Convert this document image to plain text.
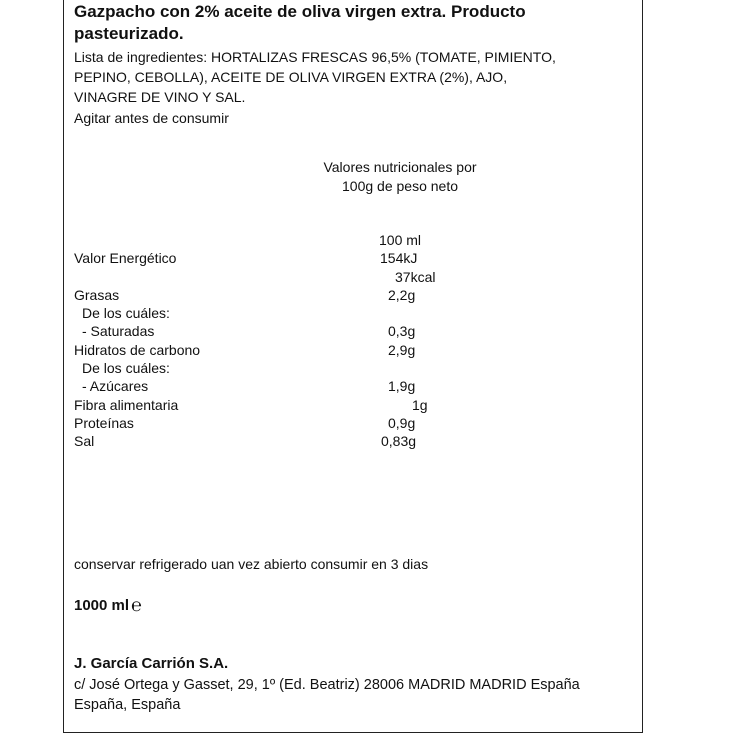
Gazpacho con 2% aceite de oliva virgen extra. Producto
pasteurizado.
Lista de ingredientes: HORTALIZAS FRESCAS 96,5% (TOMATE, PIMIENTO,
PEPINO, CEBOLLA), ACEITE DE OLIVA VIRGEN EXTRA (2%), AJO,
VINAGRE DE VINO Y SAL.
Agitar antes de consumir
Valores nutricionales por
100g de peso neto
100 ml
Valor Energético	154kJ
37kcal
Grasas	2,2g
De los cuáles:
- Saturadas	0,3g
Hidratos de carbono	2,9g
De los cuáles:
- Azúcares	1,9g
Fibra alimentaria	1g
Proteínas	0,9g
Sal	0,83g
conservar refrigerado uan vez abierto consumir en 3 dias
1000 ml ℮
J. García Carrión S.A.
c/ José Ortega y Gasset, 29, 1º (Ed. Beatriz) 28006 MADRID MADRID España
España, España
